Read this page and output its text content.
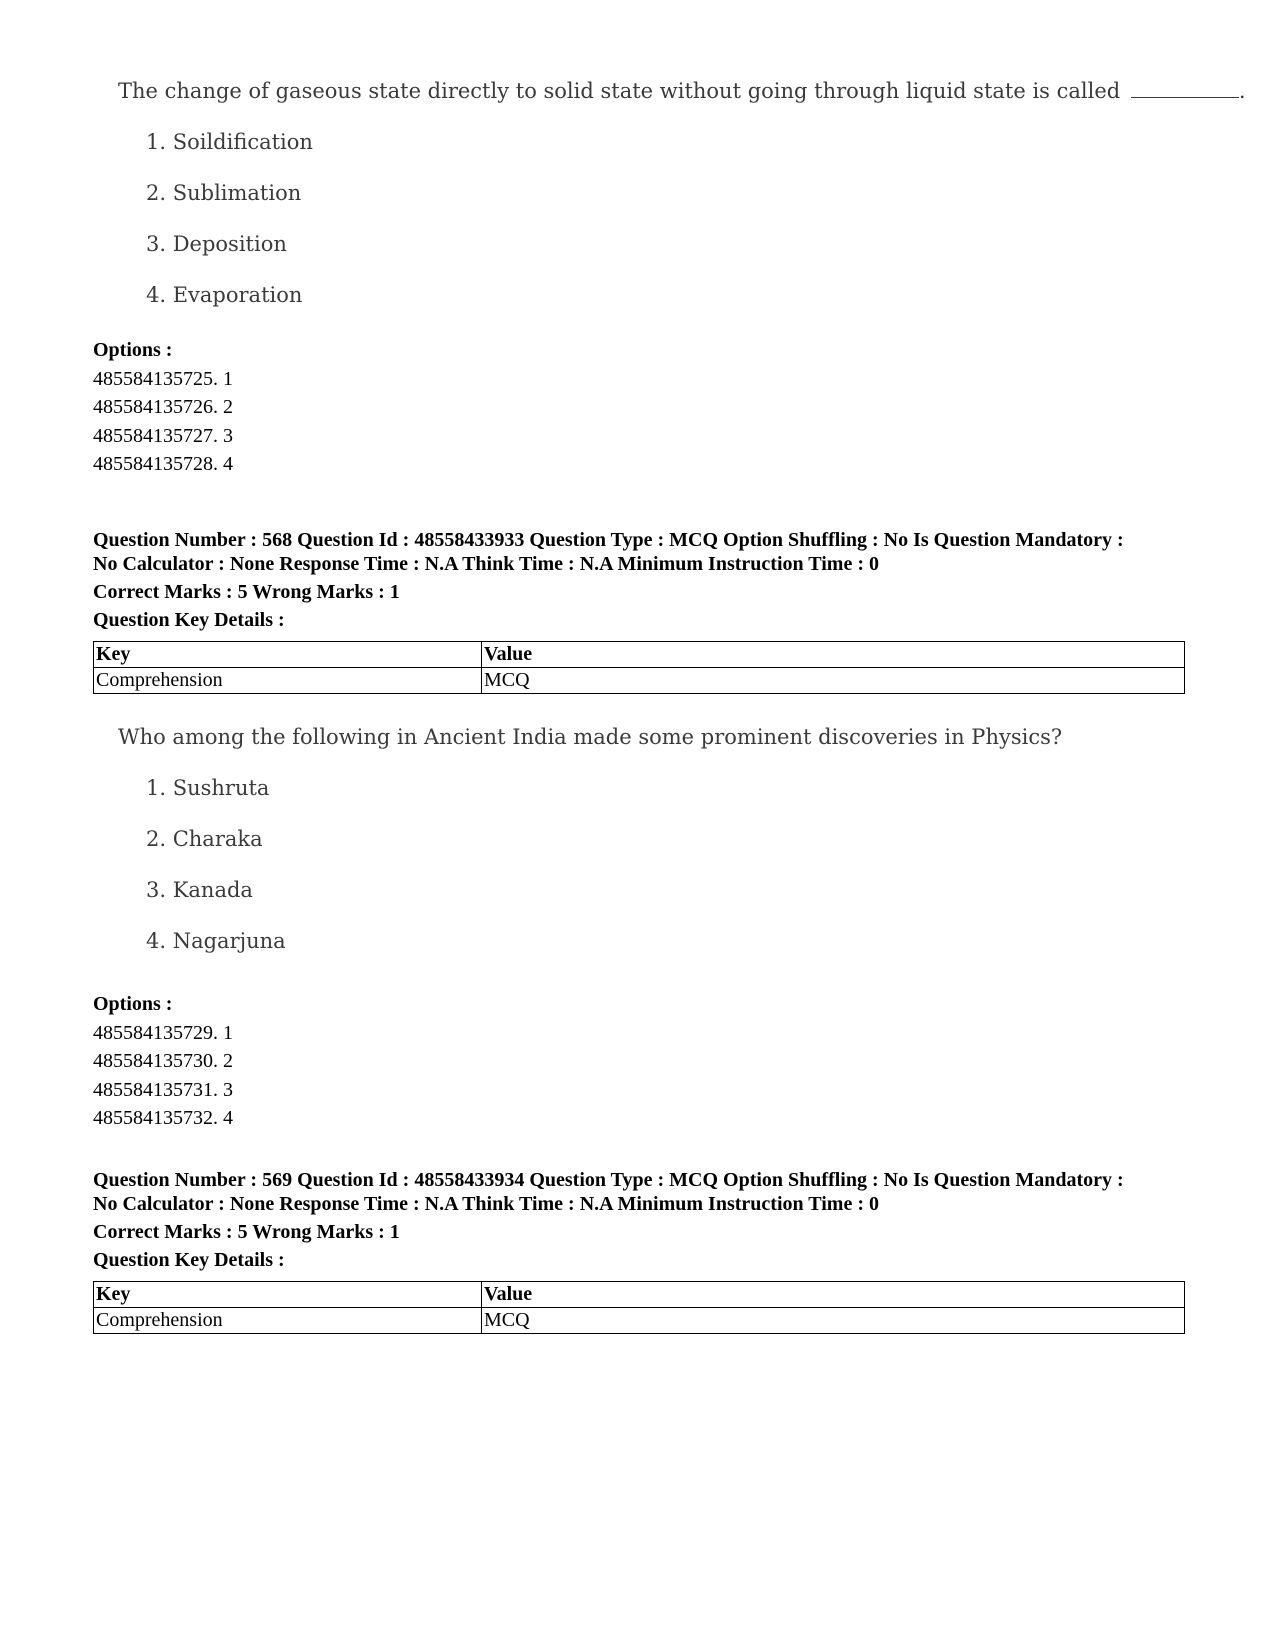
The change of gaseous state directly to solid state without going through liquid state is called	.
1. Soildification
2. Sublimation
3. Deposition
4. Evaporation
Options :
485584135725. 1
485584135726. 2
485584135727. 3
485584135728. 4
Question Number : 568 Question Id : 48558433933 Question Type : MCQ Option Shuffling : No Is Question Mandatory :
No Calculator : None Response Time : N.A Think Time : N.A Minimum Instruction Time : 0
Correct Marks : 5 Wrong Marks : 1
Question Key Details :
Key	Value
Comprehension	MCQ
Who among the following in Ancient India made some prominent discoveries in Physics?
1. Sushruta
2. Charaka
3. Kanada
4. Nagarjuna
Options :
485584135729. 1
485584135730. 2
485584135731. 3
485584135732. 4
Question Number : 569 Question Id : 48558433934 Question Type : MCQ Option Shuffling : No Is Question Mandatory :
No Calculator : None Response Time : N.A Think Time : N.A Minimum Instruction Time : 0
Correct Marks : 5 Wrong Marks : 1
Question Key Details :
Key	Value
Comprehension	MCQ
